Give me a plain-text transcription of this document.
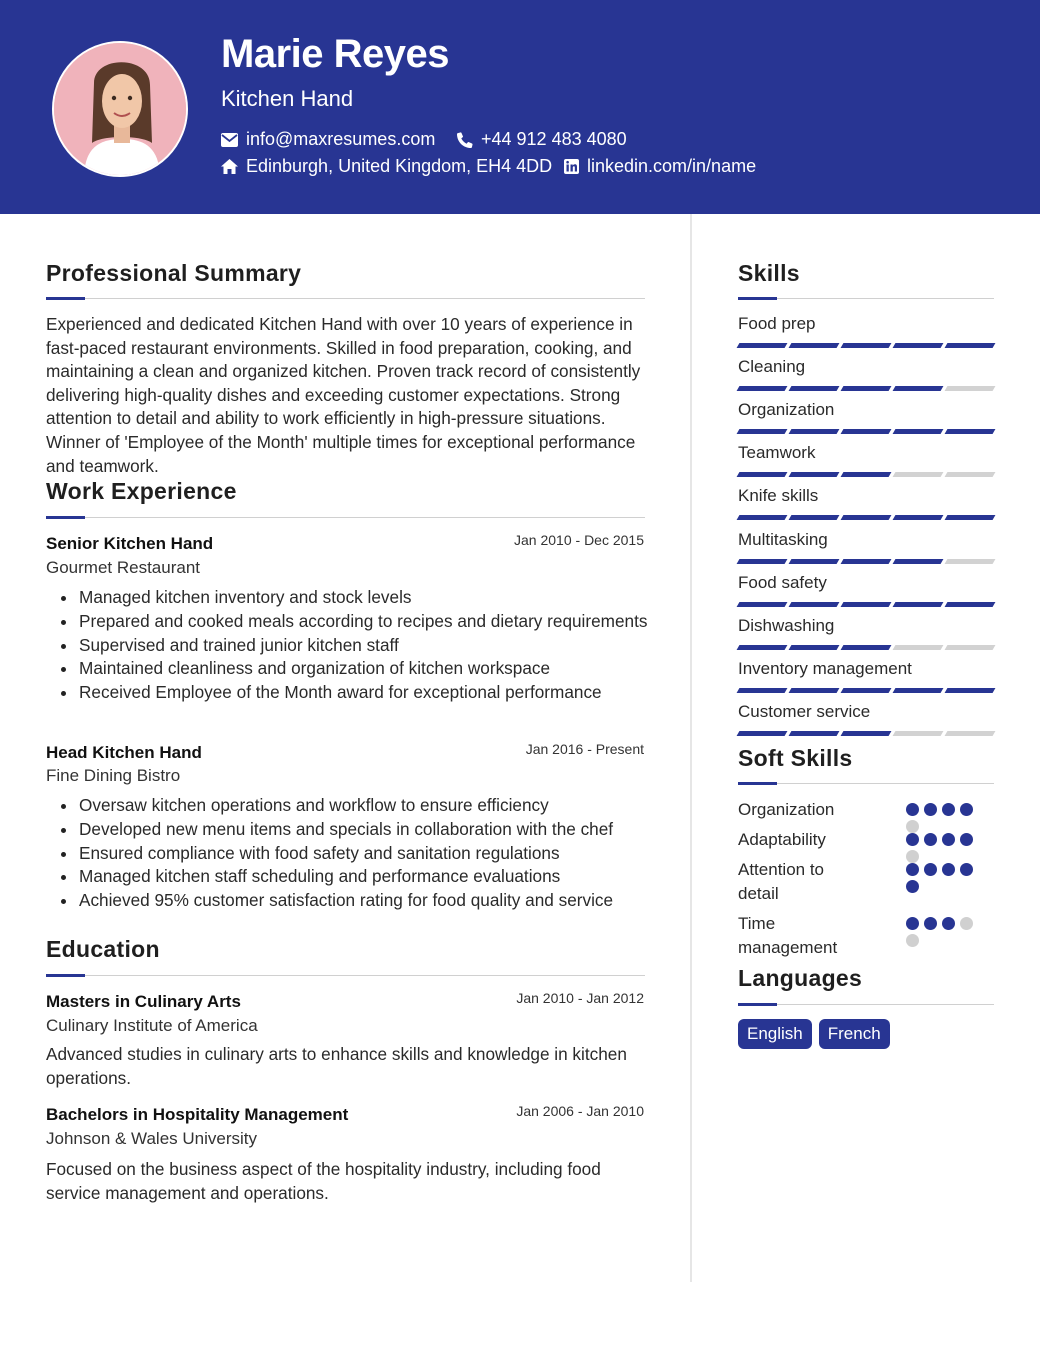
Marie Reyes
Kitchen Hand
info@maxresumes.com	+44 912 483 4080
Edinburgh, United Kingdom, EH4 4DD linkedin.com/in/name
Professional Summary
Experienced and dedicated Kitchen Hand with over 10 years of experience in fast-paced restaurant environments. Skilled in food preparation, cooking, and maintaining a clean and organized kitchen. Proven track record of consistently delivering high-quality dishes and exceeding customer expectations. Strong attention to detail and ability to work efficiently in high-pressure situations. Winner of 'Employee of the Month' multiple times for exceptional performance and teamwork.
Work Experience
Senior Kitchen Hand	Jan 2010 - Dec 2015
Gourmet Restaurant
Managed kitchen inventory and stock levels
Prepared and cooked meals according to recipes and dietary requirements
Supervised and trained junior kitchen staff
Maintained cleanliness and organization of kitchen workspace
Received Employee of the Month award for exceptional performance
Head Kitchen Hand	Jan 2016 - Present
Fine Dining Bistro
Oversaw kitchen operations and workflow to ensure efficiency
Developed new menu items and specials in collaboration with the chef
Ensured compliance with food safety and sanitation regulations
Managed kitchen staff scheduling and performance evaluations
Achieved 95% customer satisfaction rating for food quality and service
Education
Masters in Culinary Arts	Jan 2010 - Jan 2012
Culinary Institute of America
Advanced studies in culinary arts to enhance skills and knowledge in kitchen operations.
Bachelors in Hospitality Management	Jan 2006 - Jan 2010
Johnson & Wales University
Focused on the business aspect of the hospitality industry, including food service management and operations.
Skills
Food prep
Cleaning
Organization
Teamwork
Knife skills
Multitasking
Food safety
Dishwashing
Inventory management
Customer service
Soft Skills
Organization
Adaptability
Attention to detail
Time management
Languages
English	French
